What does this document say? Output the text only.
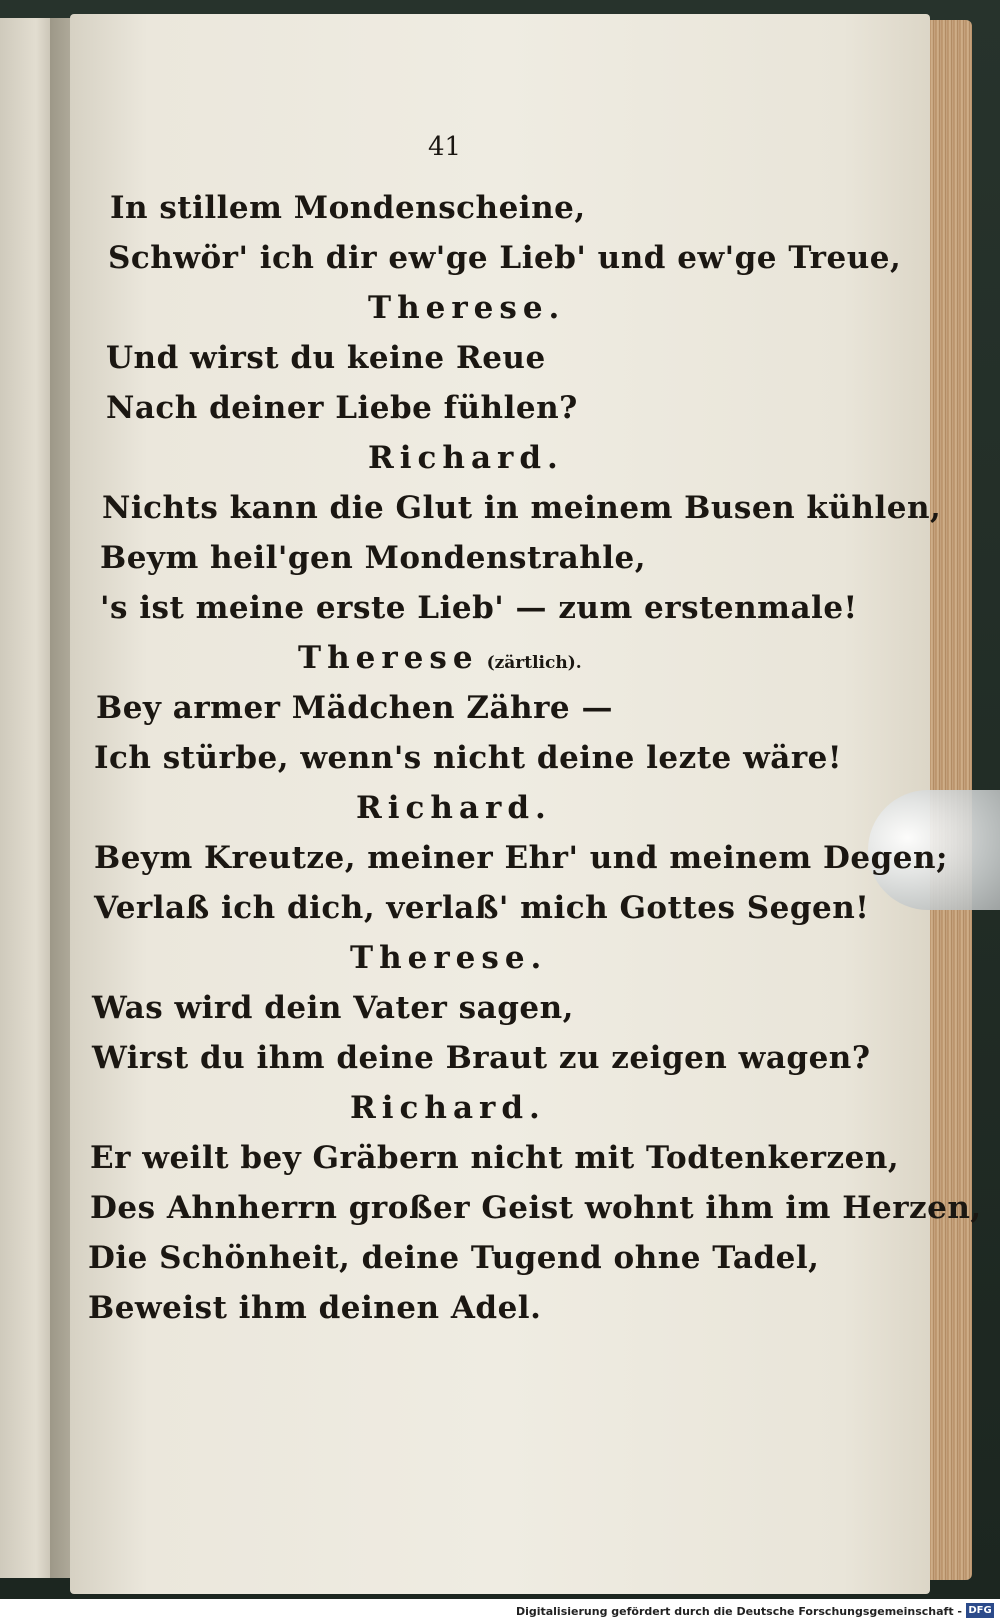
41
In stillem Mondenscheine,
Schwör' ich dir ew'ge Lieb' und ew'ge Treue,
Therese.
Und wirst du keine Reue
Nach deiner Liebe fühlen?
Richard.
Nichts kann die Glut in meinem Busen kühlen,
Beym heil'gen Mondenstrahle,
's ist meine erste Lieb' — zum erstenmale!
Therese (zärtlich).
Bey armer Mädchen Zähre —
Ich stürbe, wenn's nicht deine lezte wäre!
Richard.
Beym Kreutze, meiner Ehr' und meinem Degen;
Verlaß ich dich, verlaß' mich Gottes Segen!
Therese.
Was wird dein Vater sagen,
Wirst du ihm deine Braut zu zeigen wagen?
Richard.
Er weilt bey Gräbern nicht mit Todtenkerzen,
Des Ahnherrn großer Geist wohnt ihm im Herzen,
Die Schönheit, deine Tugend ohne Tadel,
Beweist ihm deinen Adel.
Digitalisierung gefördert durch die Deutsche Forschungsgemeinschaft - DFG
